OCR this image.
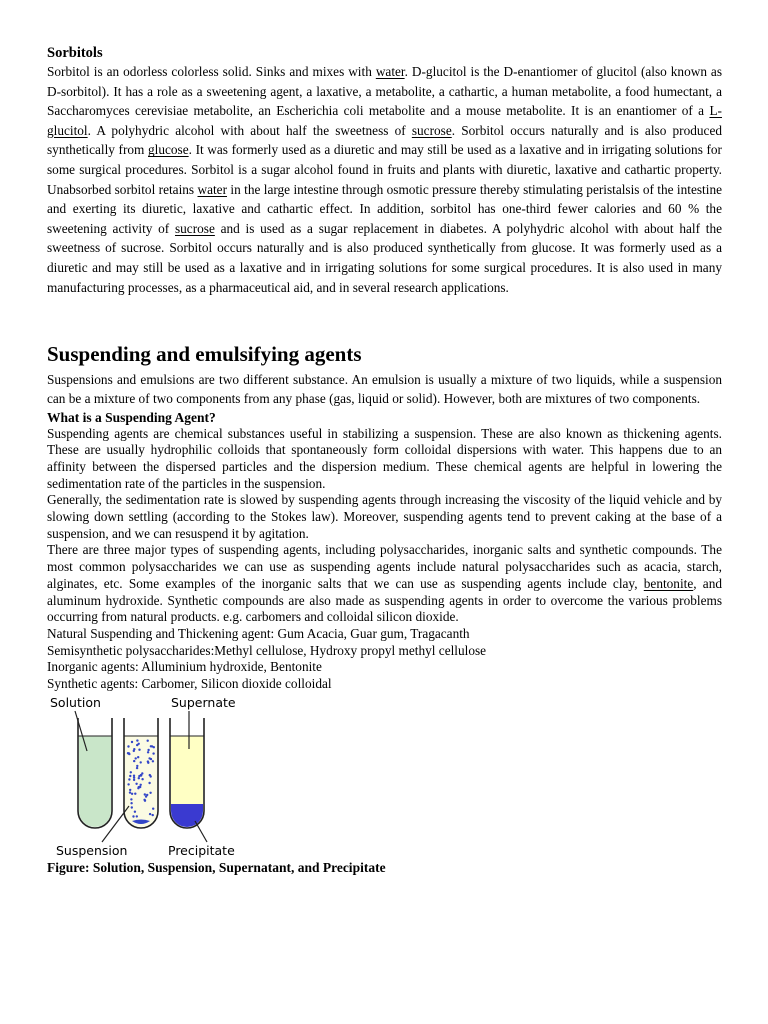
Sorbitols

Sorbitol is an odorless colorless solid. Sinks and mixes with water. D-glucitol is the D-enantiomer of glucitol (also known as D-sorbitol). It has a role as a sweetening agent, a laxative, a metabolite, a cathartic, a human metabolite, a food humectant, a Saccharomyces cerevisiae metabolite, an Escherichia coli metabolite and a mouse metabolite. It is an enantiomer of a L-glucitol. A polyhydric alcohol with about half the sweetness of sucrose. Sorbitol occurs naturally and is also produced synthetically from glucose. It was formerly used as a diuretic and may still be used as a laxative and in irrigating solutions for some surgical procedures. Sorbitol is a sugar alcohol found in fruits and plants with diuretic, laxative and cathartic property. Unabsorbed sorbitol retains water in the large intestine through osmotic pressure thereby stimulating peristalsis of the intestine and exerting its diuretic, laxative and cathartic effect. In addition, sorbitol has one-third fewer calories and 60 % the sweetening activity of sucrose and is used as a sugar replacement in diabetes. A polyhydric alcohol with about half the sweetness of sucrose. Sorbitol occurs naturally and is also produced synthetically from glucose. It was formerly used as a diuretic and may still be used as a laxative and in irrigating solutions for some surgical procedures. It is also used in many manufacturing processes, as a pharmaceutical aid, and in several research applications.

Suspending and emulsifying agents

Suspensions and emulsions are two different substance. An emulsion is usually a mixture of two liquids, while a suspension can be a mixture of two components from any phase (gas, liquid or solid). However, both are mixtures of two components.

What is a Suspending Agent?

Suspending agents are chemical substances useful in stabilizing a suspension. These are also known as thickening agents. These are usually hydrophilic colloids that spontaneously form colloidal dispersions with water. This happens due to an affinity between the dispersed particles and the dispersion medium. These chemical agents are helpful in lowering the sedimentation rate of the particles in the suspension.

Generally, the sedimentation rate is slowed by suspending agents through increasing the viscosity of the liquid vehicle and by slowing down settling (according to the Stokes law). Moreover, suspending agents tend to prevent caking at the base of a suspension, and we can resuspend it by agitation.

There are three major types of suspending agents, including polysaccharides, inorganic salts and synthetic compounds. The most common polysaccharides we can use as suspending agents include natural polysaccharides such as acacia, starch, alginates, etc. Some examples of the inorganic salts that we can use as suspending agents include clay, bentonite, and aluminum hydroxide. Synthetic compounds are also made as suspending agents in order to overcome the various problems occurring from natural products. e.g. carbomers and colloidal silicon dioxide.

Natural Suspending and Thickening agent: Gum Acacia, Guar gum, Tragacanth

Semisynthetic polysaccharides:Methyl cellulose, Hydroxy propyl methyl cellulose

Inorganic agents: Alluminium hydroxide, Bentonite

Synthetic agents: Carbomer, Silicon dioxide colloidal

Solution	Supernate
Suspension	Precipitate

Figure: Solution, Suspension, Supernatant, and Precipitate
